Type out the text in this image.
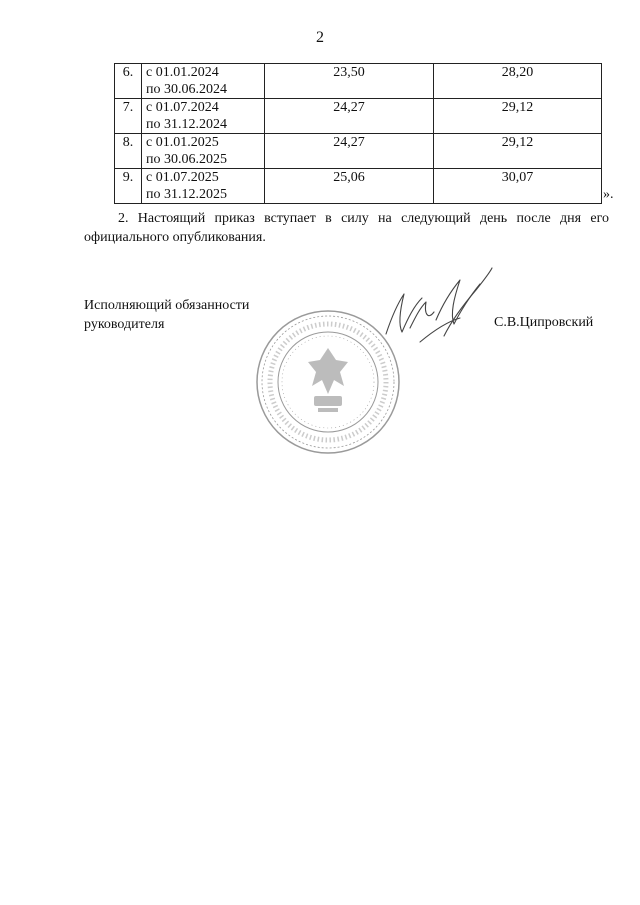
2
6.	с 01.01.2024
по 30.06.2024	23,50	28,20
7.	с 01.07.2024
по 31.12.2024	24,27	29,12
8.	с 01.01.2025
по 30.06.2025	24,27	29,12
9.	с 01.07.2025
по 31.12.2025	25,06	30,07
».
2. Настоящий приказ вступает в силу на следующий день после дня его официального опубликования.
Исполняющий обязанности
руководителя	С.В.Ципровский
